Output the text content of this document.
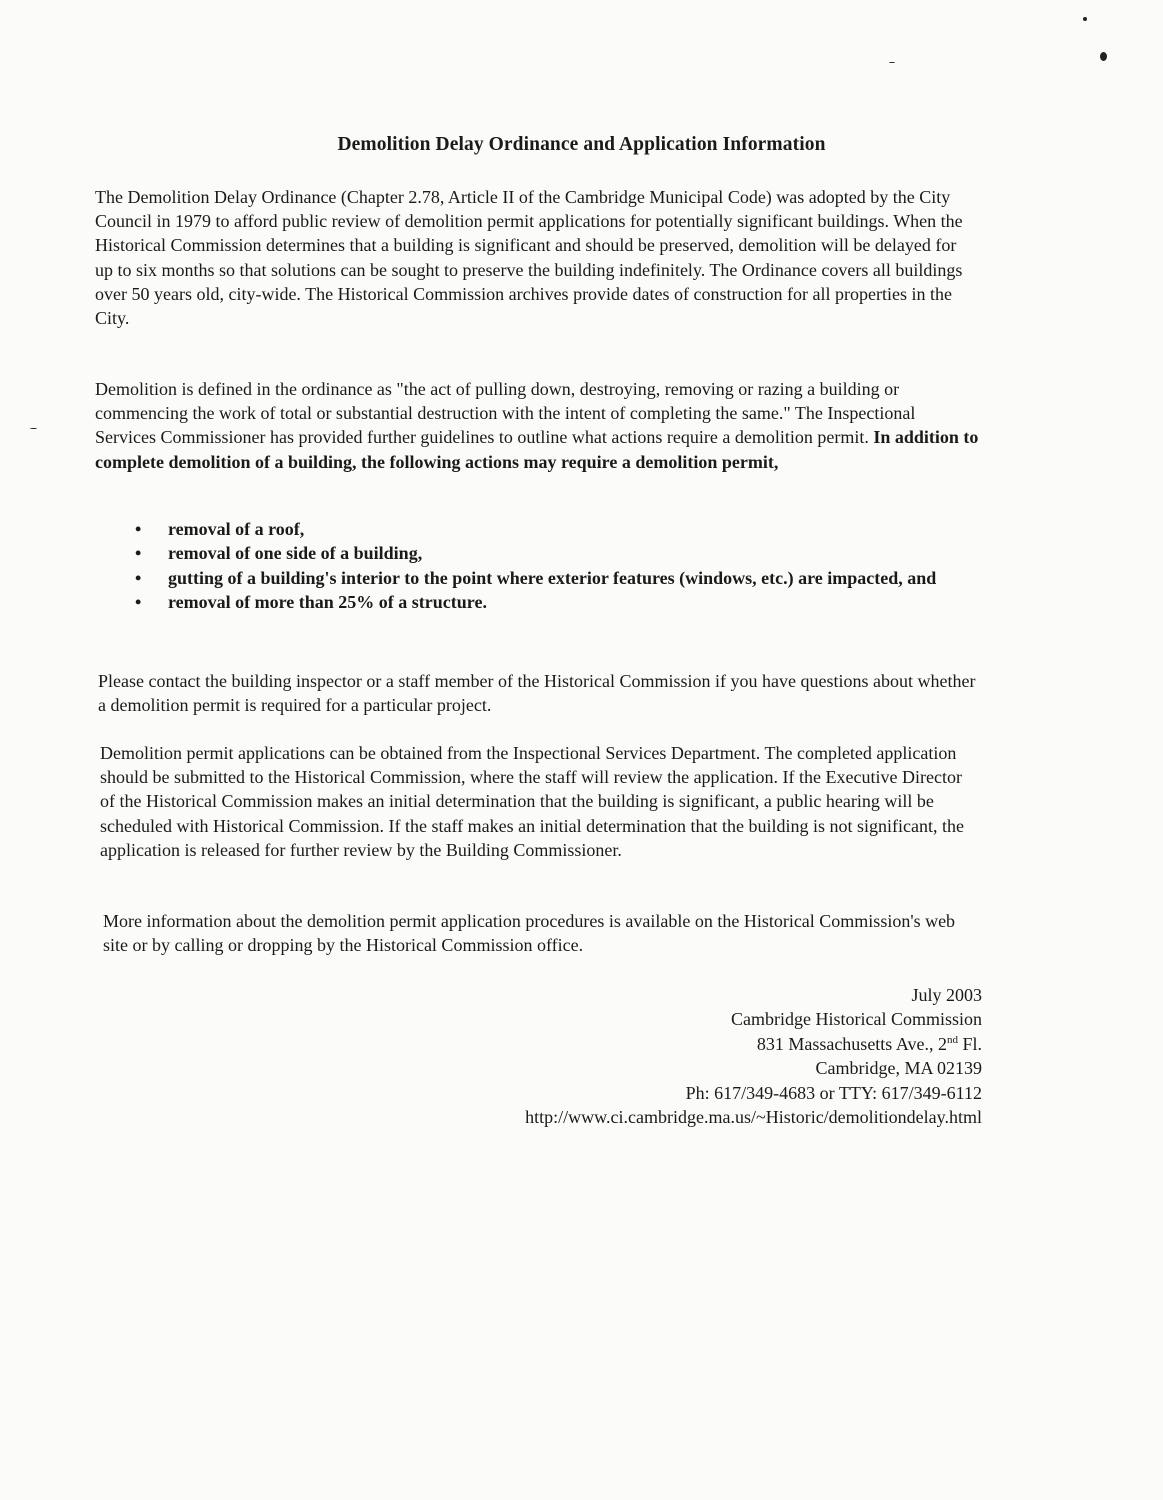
Demolition Delay Ordinance and Application Information

The Demolition Delay Ordinance (Chapter 2.78, Article II of the Cambridge Municipal Code) was adopted by the City Council in 1979 to afford public review of demolition permit applications for potentially significant buildings. When the Historical Commission determines that a building is significant and should be preserved, demolition will be delayed for up to six months so that solutions can be sought to preserve the building indefinitely. The Ordinance covers all buildings over 50 years old, city-wide. The Historical Commission archives provide dates of construction for all properties in the City.

Demolition is defined in the ordinance as "the act of pulling down, destroying, removing or razing a building or commencing the work of total or substantial destruction with the intent of completing the same." The Inspectional Services Commissioner has provided further guidelines to outline what actions require a demolition permit. In addition to complete demolition of a building, the following actions may require a demolition permit,

• removal of a roof,
• removal of one side of a building,
• gutting of a building's interior to the point where exterior features (windows, etc.) are impacted, and
• removal of more than 25% of a structure.

Please contact the building inspector or a staff member of the Historical Commission if you have questions about whether a demolition permit is required for a particular project.

Demolition permit applications can be obtained from the Inspectional Services Department. The completed application should be submitted to the Historical Commission, where the staff will review the application. If the Executive Director of the Historical Commission makes an initial determination that the building is significant, a public hearing will be scheduled with Historical Commission. If the staff makes an initial determination that the building is not significant, the application is released for further review by the Building Commissioner.

More information about the demolition permit application procedures is available on the Historical Commission's web site or by calling or dropping by the Historical Commission office.

July 2003
Cambridge Historical Commission
831 Massachusetts Ave., 2nd Fl.
Cambridge, MA 02139
Ph: 617/349-4683 or TTY: 617/349-6112
http://www.ci.cambridge.ma.us/~Historic/demolitiondelay.html
